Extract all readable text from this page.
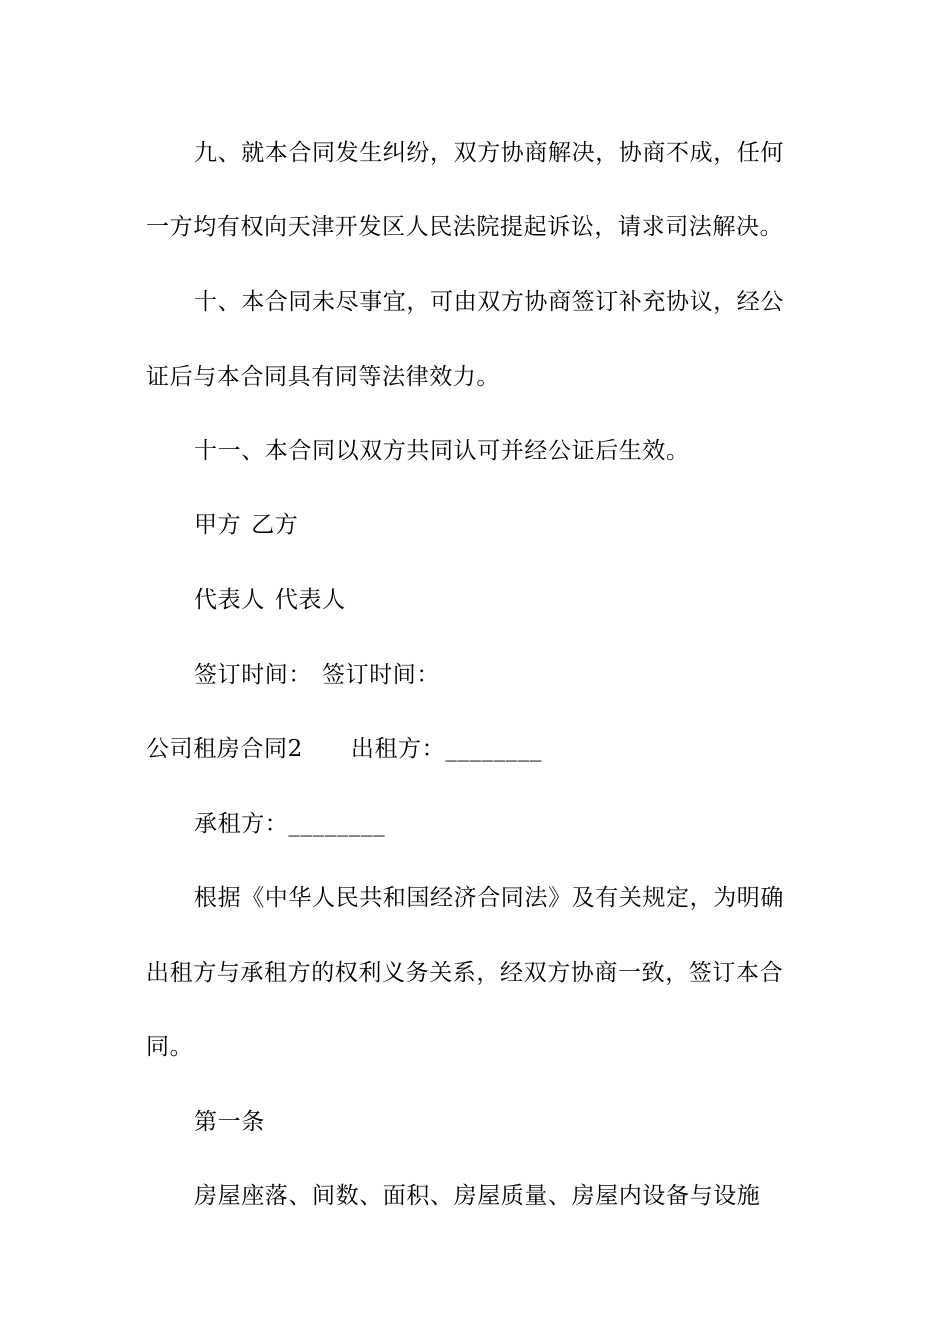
九、就本合同发生纠纷，双方协商解决，协商不成，任何
一方均有权向天津开发区人民法院提起诉讼，请求司法解决。
十、本合同未尽事宜，可由双方协商签订补充协议，经公
证后与本合同具有同等法律效力。
十一、本合同以双方共同认可并经公证后生效。
甲方 乙方
代表人 代表人
签订时间： 签订时间：
公司租房合同2 出租方：________
承租方：________
根据《中华人民共和国经济合同法》及有关规定，为明确
出租方与承租方的权利义务关系，经双方协商一致，签订本合
同。
第一条
房屋座落、间数、面积、房屋质量、房屋内设备与设施
